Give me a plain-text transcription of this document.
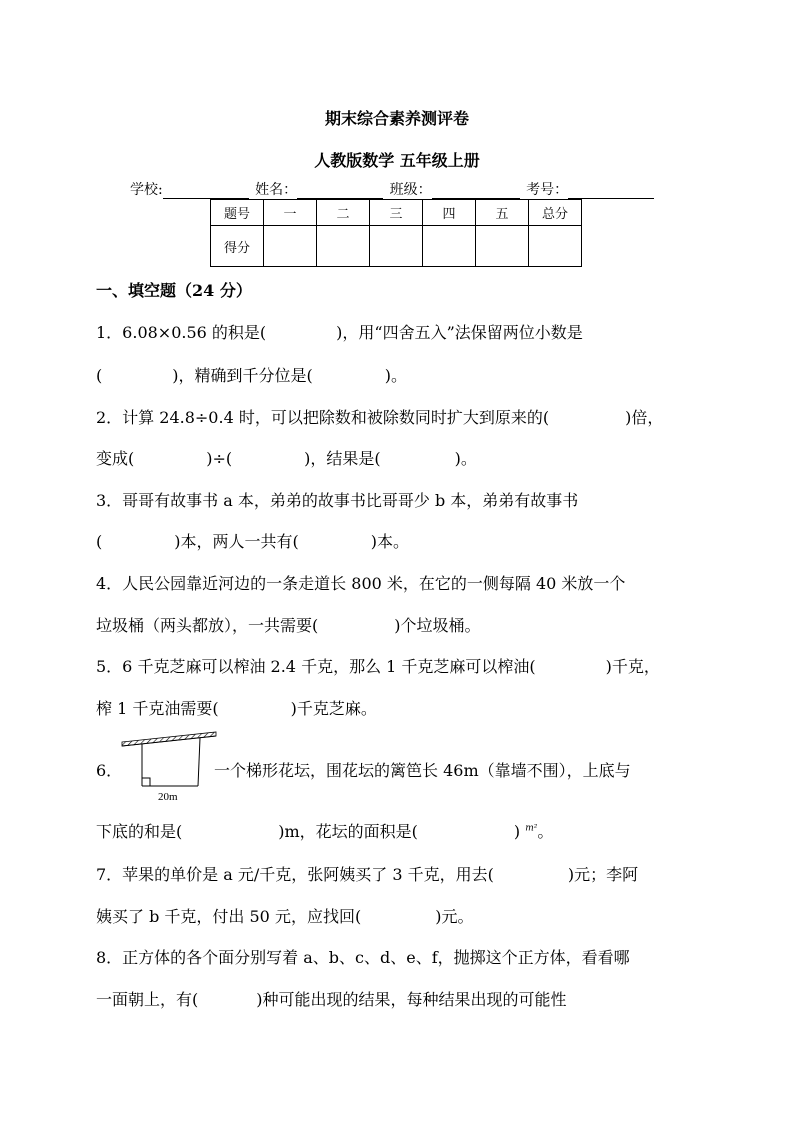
期末综合素养测评卷
人教版数学 五年级上册
学校:	姓名：	班级：	考号：
题号	一	二	三	四	五	总分
得分						
一、填空题（24 分）
1．6.08×0.56 的积是(	)，用“四舍五入”法保留两位小数是
(	)，精确到千分位是(	)。
2．计算 24.8÷0.4 时，可以把除数和被除数同时扩大到原来的(	)倍，
变成(	)÷(	)，结果是(	)。
3．哥哥有故事书 a 本，弟弟的故事书比哥哥少 b 本，弟弟有故事书
(	)本，两人一共有(	)本。
4．人民公园靠近河边的一条走道长 800 米，在它的一侧每隔 40 米放一个
垃圾桶（两头都放），一共需要(	)个垃圾桶。
5．6 千克芝麻可以榨油 2.4 千克，那么 1 千克芝麻可以榨油(	)千克，
榨 1 千克油需要(	)千克芝麻。
6．
20m
一个梯形花坛，围花坛的篱笆长 46m（靠墙不围），上底与
下底的和是(	)m，花坛的面积是(	) $^{m^2}$。
7．苹果的单价是 a 元/千克，张阿姨买了 3 千克，用去(	)元；李阿
姨买了 b 千克，付出 50 元，应找回(	)元。
8．正方体的各个面分别写着 a、b、c、d、e、f，抛掷这个正方体，看看哪
一面朝上，有(	)种可能出现的结果，每种结果出现的可能性
